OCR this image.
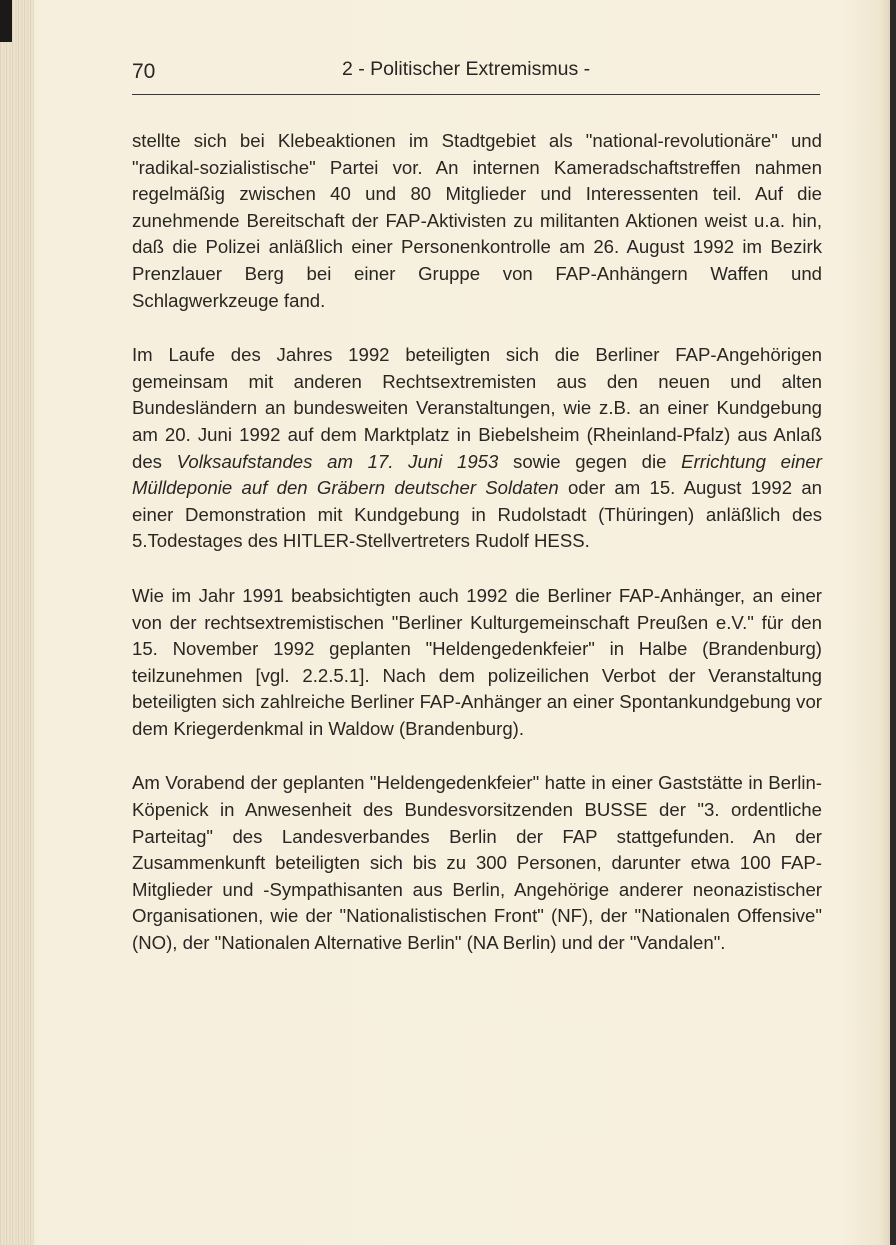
70	2 - Politischer Extremismus -

stellte sich bei Klebeaktionen im Stadtgebiet als "national-revolutionäre" und "radikal-sozialistische" Partei vor. An internen Kameradschaftstreffen nahmen regelmäßig zwischen 40 und 80 Mitglieder und Interessenten teil. Auf die zunehmende Bereitschaft der FAP-Aktivisten zu militanten Aktionen weist u.a. hin, daß die Polizei anläßlich einer Personenkontrolle am 26. August 1992 im Bezirk Prenzlauer Berg bei einer Gruppe von FAP-Anhängern Waffen und Schlagwerkzeuge fand.

Im Laufe des Jahres 1992 beteiligten sich die Berliner FAP-Angehörigen gemeinsam mit anderen Rechtsextremisten aus den neuen und alten Bundesländern an bundesweiten Veranstaltungen, wie z.B. an einer Kundgebung am 20. Juni 1992 auf dem Marktplatz in Biebelsheim (Rheinland-Pfalz) aus Anlaß des Volksaufstandes am 17. Juni 1953 sowie gegen die Errichtung einer Mülldeponie auf den Gräbern deutscher Soldaten oder am 15. August 1992 an einer Demonstration mit Kundgebung in Rudolstadt (Thüringen) anläßlich des 5.Todestages des HITLER-Stellvertreters Rudolf HESS.

Wie im Jahr 1991 beabsichtigten auch 1992 die Berliner FAP-Anhänger, an einer von der rechtsextremistischen "Berliner Kulturgemeinschaft Preußen e.V." für den 15. November 1992 geplanten "Heldengedenkfeier" in Halbe (Brandenburg) teilzunehmen [vgl. 2.2.5.1]. Nach dem polizeilichen Verbot der Veranstaltung beteiligten sich zahlreiche Berliner FAP-Anhänger an einer Spontankundgebung vor dem Kriegerdenkmal in Waldow (Brandenburg).

Am Vorabend der geplanten "Heldengedenkfeier" hatte in einer Gaststätte in Berlin-Köpenick in Anwesenheit des Bundesvorsitzenden BUSSE der "3. ordentliche Parteitag" des Landesverbandes Berlin der FAP stattgefunden. An der Zusammenkunft beteiligten sich bis zu 300 Personen, darunter etwa 100 FAP-Mitglieder und -Sympathisanten aus Berlin, Angehörige anderer neonazistischer Organisationen, wie der "Nationalistischen Front" (NF), der "Nationalen Offensive" (NO), der "Nationalen Alternative Berlin" (NA Berlin) und der "Vandalen".
